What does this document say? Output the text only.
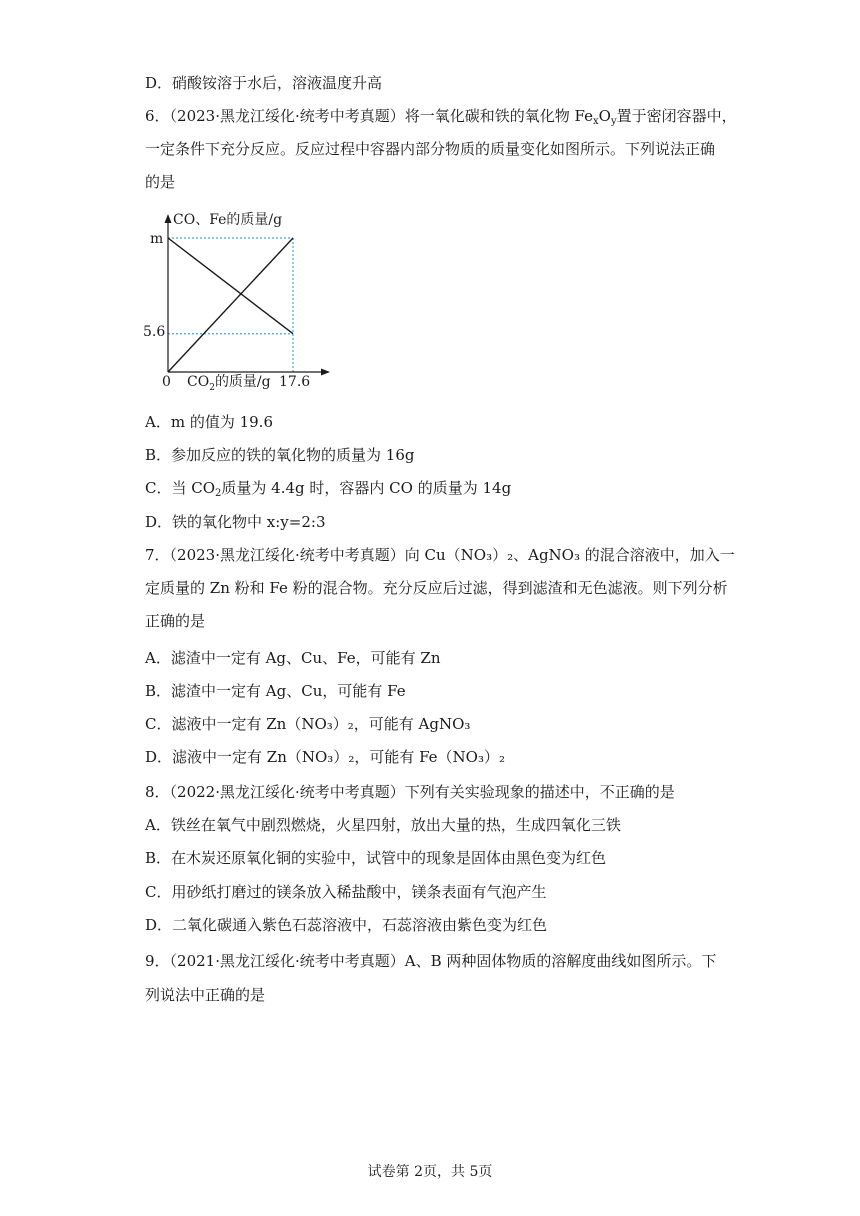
D．硝酸铵溶于水后，溶液温度升高
6．（2023·黑龙江绥化·统考中考真题）将一氧化碳和铁的氧化物 $Fe_xO_y$置于密闭容器中，
一定条件下充分反应。反应过程中容器内部分物质的质量变化如图所示。下列说法正确
的是
CO、Fe的质量/g
m
5.6
0 $CO_2$的质量/g 17.6
A．m 的值为 19.6
B．参加反应的铁的氧化物的质量为 16g
C．当 $CO_2$质量为 4.4g 时，容器内 CO 的质量为 14g
D．铁的氧化物中 x:y=2:3
7．（2023·黑龙江绥化·统考中考真题）向 Cu（NO₃）₂、AgNO₃ 的混合溶液中，加入一
定质量的 Zn 粉和 Fe 粉的混合物。充分反应后过滤，得到滤渣和无色滤液。则下列分析
正确的是
A．滤渣中一定有 Ag、Cu、Fe，可能有 Zn
B．滤渣中一定有 Ag、Cu，可能有 Fe
C．滤液中一定有 Zn（NO₃）₂，可能有 AgNO₃
D．滤液中一定有 Zn（NO₃）₂，可能有 Fe（NO₃）₂
8．（2022·黑龙江绥化·统考中考真题）下列有关实验现象的描述中，不正确的是
A．铁丝在氧气中剧烈燃烧，火星四射，放出大量的热，生成四氧化三铁
B．在木炭还原氧化铜的实验中，试管中的现象是固体由黑色变为红色
C．用砂纸打磨过的镁条放入稀盐酸中，镁条表面有气泡产生
D．二氧化碳通入紫色石蕊溶液中，石蕊溶液由紫色变为红色
9．（2021·黑龙江绥化·统考中考真题）A、B 两种固体物质的溶解度曲线如图所示。下
列说法中正确的是
试卷第 2页，共 5页
